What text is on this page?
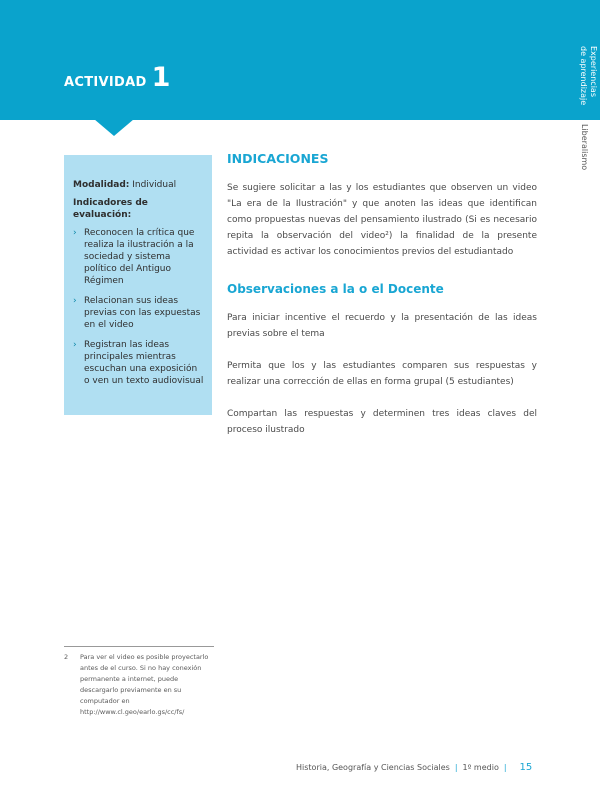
ACTIVIDAD 1	Experiencias
de aprendizaje
Liberalismo
Modalidad: Individual
Indicadores de evaluación:
› Reconocen la crítica que realiza la ilustración a la sociedad y sistema político del Antiguo Régimen
› Relacionan sus ideas previas con las expuestas en el video
› Registran las ideas principales mientras escuchan una exposición o ven un texto audiovisual
INDICACIONES

Se sugiere solicitar a las y los estudiantes que observen un video "La era de la Ilustración" y que anoten las ideas que identifican como propuestas nuevas del pensamiento ilustrado (Si es necesario repita la observación del video²) la finalidad de la presente actividad es activar los conocimientos previos del estudiantado

Observaciones a la o el Docente

Para iniciar incentive el recuerdo y la presentación de las ideas previas sobre el tema

Permita que los y las estudiantes comparen sus respuestas y realizar una corrección de ellas en forma grupal (5 estudiantes)

Compartan las respuestas y determinen tres ideas claves del proceso ilustrado

2	Para ver el video es posible proyectarlo antes de el curso. Si no hay conexión permanente a internet, puede descargarlo previamente en su computador en http://www.cl.geo/earlo.gs/cc/fs/
Historia, Geografía y Ciencias Sociales | 1º medio | 15
